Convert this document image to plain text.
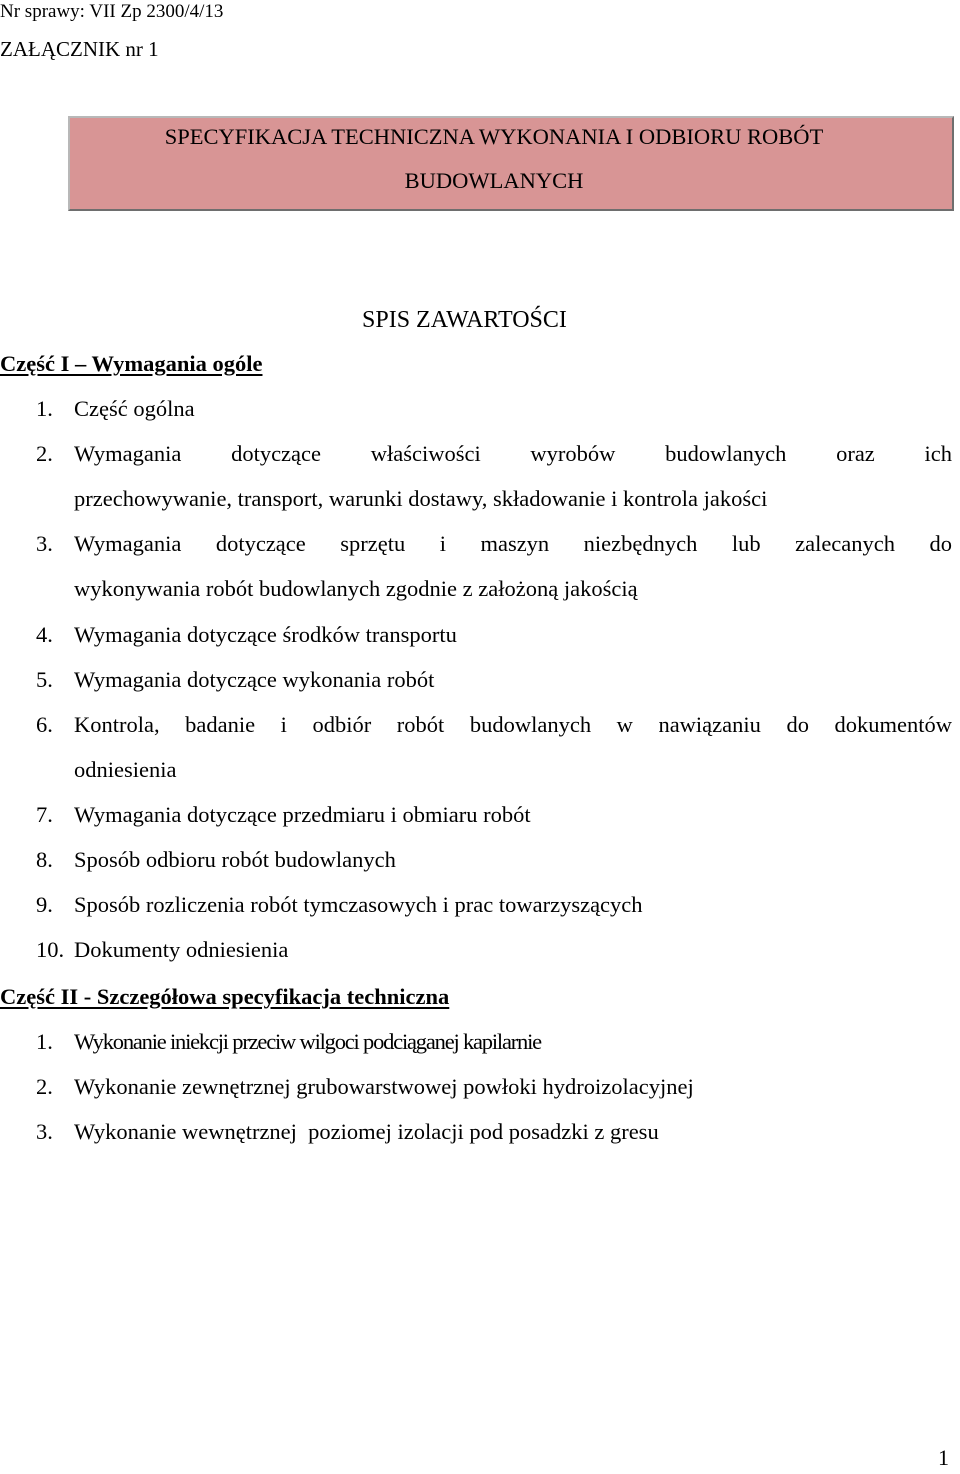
Nr sprawy: VII Zp 2300/4/13

ZAŁĄCZNIK nr 1

SPECYFIKACJA TECHNICZNA WYKONANIA I ODBIORU ROBÓT
BUDOWLANYCH

SPIS ZAWARTOŚCI

Część I – Wymagania ogóle

1. Część ogólna
2. Wymagania dotyczące właściwości wyrobów budowlanych oraz ich
przechowywanie, transport, warunki dostawy, składowanie i kontrola jakości
3. Wymagania dotyczące sprzętu i maszyn niezbędnych lub zalecanych do
wykonywania robót budowlanych zgodnie z założoną jakością
4. Wymagania dotyczące środków transportu
5. Wymagania dotyczące wykonania robót
6. Kontrola, badanie i odbiór robót budowlanych w nawiązaniu do dokumentów
odniesienia
7. Wymagania dotyczące przedmiaru i obmiaru robót
8. Sposób odbioru robót budowlanych
9. Sposób rozliczenia robót tymczasowych i prac towarzyszących
10. Dokumenty odniesienia

Część II - Szczegółowa specyfikacja techniczna

1. Wykonanie iniekcji przeciw wilgoci podciąganej kapilarnie
2. Wykonanie zewnętrznej grubowarstwowej powłoki hydroizolacyjnej
3. Wykonanie wewnętrznej  poziomej izolacji pod posadzki z gresu
1
